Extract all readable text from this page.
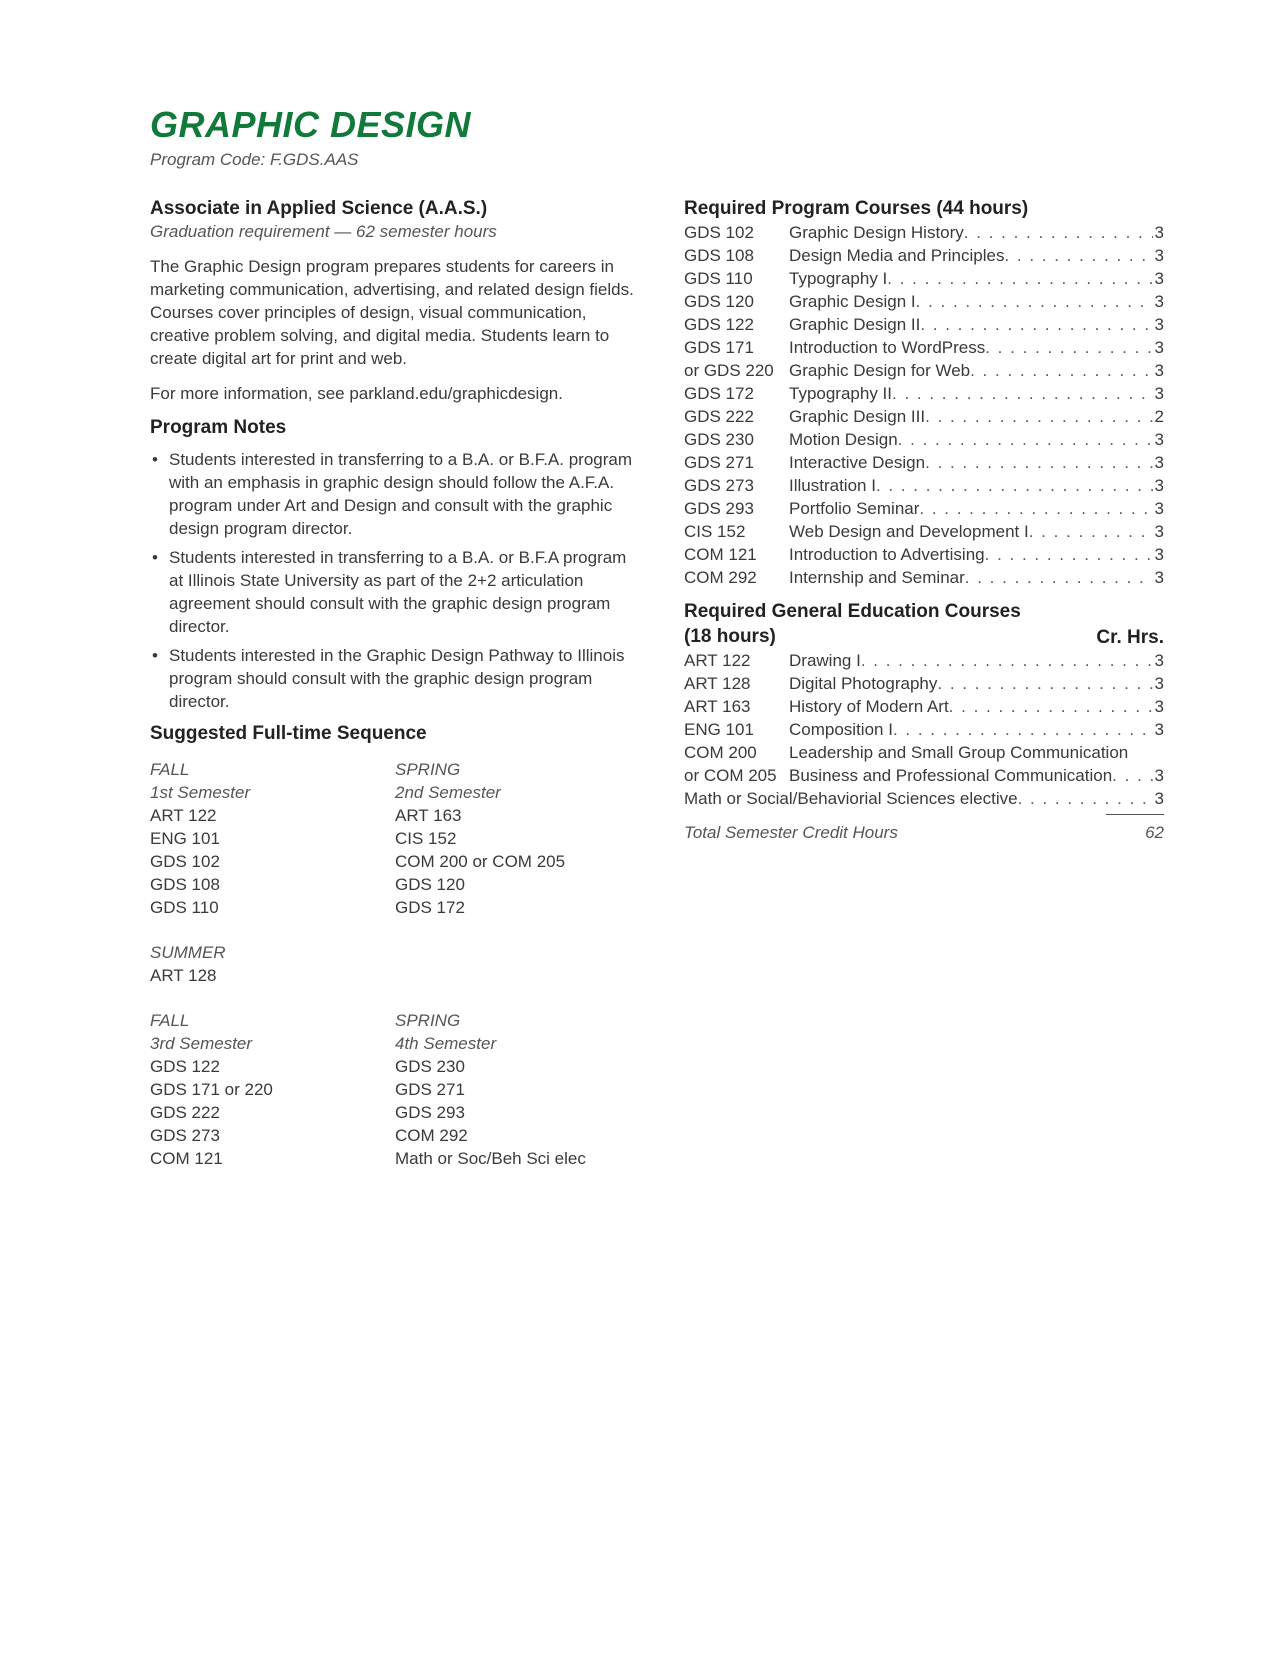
GRAPHIC DESIGN
Program Code: F.GDS.AAS
Associate in Applied Science (A.A.S.)
Graduation requirement — 62 semester hours

The Graphic Design program prepares students for careers in marketing communication, advertising, and related design fields. Courses cover principles of design, visual communication, creative problem solving, and digital media. Students learn to create digital art for print and web.

For more information, see parkland.edu/graphicdesign.

Program Notes
• Students interested in transferring to a B.A. or B.F.A. program with an emphasis in graphic design should follow the A.F.A. program under Art and Design and consult with the graphic design program director.
• Students interested in transferring to a B.A. or B.F.A program at Illinois State University as part of the 2+2 articulation agreement should consult with the graphic design program director.
• Students interested in the Graphic Design Pathway to Illinois program should consult with the graphic design program director.
Suggested Full-time Sequence
FALL	SPRING
1st Semester	2nd Semester
ART 122	ART 163
ENG 101	CIS 152
GDS 102	COM 200 or COM 205
GDS 108	GDS 120
GDS 110	GDS 172
SUMMER
ART 128
FALL	SPRING
3rd Semester	4th Semester
GDS 122	GDS 230
GDS 171 or 220	GDS 271
GDS 222	GDS 293
GDS 273	COM 292
COM 121	Math or Soc/Beh Sci elec
Required Program Courses (44 hours)
GDS 102	Graphic Design History . . .	3
GDS 108	Design Media and Principles . . .	3
GDS 110	Typography I . . .	3
GDS 120	Graphic Design I . . .	3
GDS 122	Graphic Design II . . .	3
GDS 171	Introduction to WordPress . . .	3
or GDS 220 Graphic Design for Web . . .	3
GDS 172	Typography II . . .	3
GDS 222	Graphic Design III . . .	2
GDS 230	Motion Design . . .	3
GDS 271	Interactive Design . . .	3
GDS 273	Illustration I . . .	3
GDS 293	Portfolio Seminar . . .	3
CIS 152	Web Design and Development I . . .	3
COM 121	Introduction to Advertising . . .	3
COM 292	Internship and Seminar . . .	3
Required General Education Courses
(18 hours)	Cr. Hrs.
ART 122	Drawing I . . .	3
ART 128	Digital Photography . . .	3
ART 163	History of Modern Art . . .	3
ENG 101	Composition I . . .	3
COM 200	Leadership and Small Group Communication
or COM 205 Business and Professional Communication . . . 3
Math or Social/Behaviorial Sciences elective . . .	3
Total Semester Credit Hours	62
